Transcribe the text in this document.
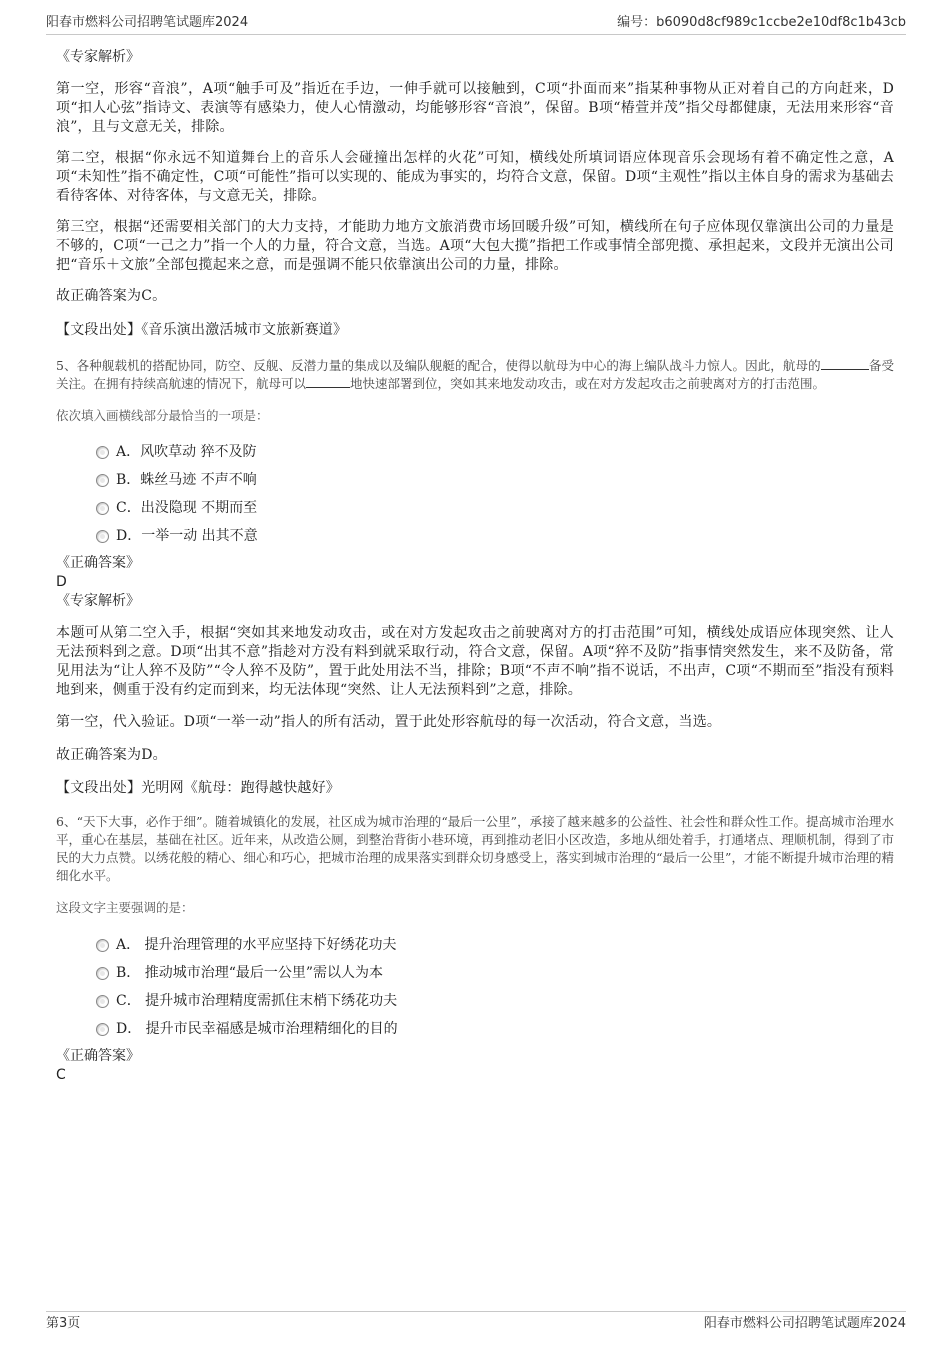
阳春市燃料公司招聘笔试题库2024	编号：b6090d8cf989c1ccbe2e10df8c1b43cb

《专家解析》

第一空，形容“音浪”，A项“触手可及”指近在手边，一伸手就可以接触到，C项“扑面而来”指某种事物从正对着自己的方向赶来，D项“扣人心弦”指诗文、表演等有感染力，使人心情激动，均能够形容“音浪”，保留。B项“椿萱并茂”指父母都健康，无法用来形容“音浪”，且与文意无关，排除。

第二空，根据“你永远不知道舞台上的音乐人会碰撞出怎样的火花”可知，横线处所填词语应体现音乐会现场有着不确定性之意，A项“未知性”指不确定性，C项“可能性”指可以实现的、能成为事实的，均符合文意，保留。D项“主观性”指以主体自身的需求为基础去看待客体、对待客体，与文意无关，排除。

第三空，根据“还需要相关部门的大力支持，才能助力地方文旅消费市场回暖升级”可知，横线所在句子应体现仅靠演出公司的力量是不够的，C项“一己之力”指一个人的力量，符合文意，当选。A项“大包大揽”指把工作或事情全部兜揽、承担起来，文段并无演出公司把“音乐＋文旅”全部包揽起来之意，而是强调不能只依靠演出公司的力量，排除。

故正确答案为C。

【文段出处】《音乐演出激活城市文旅新赛道》

5、各种舰载机的搭配协同，防空、反舰、反潜力量的集成以及编队舰艇的配合，使得以航母为中心的海上编队战斗力惊人。因此，航母的	备受关注。在拥有持续高航速的情况下，航母可以	地快速部署到位，突如其来地发动攻击，或在对方发起攻击之前驶离对方的打击范围。

依次填入画横线部分最恰当的一项是：

A．风吹草动 猝不及防
B．蛛丝马迹 不声不响
C．出没隐现 不期而至
D．一举一动 出其不意

《正确答案》

D

《专家解析》

本题可从第二空入手，根据“突如其来地发动攻击，或在对方发起攻击之前驶离对方的打击范围”可知，横线处成语应体现突然、让人无法预料到之意。D项“出其不意”指趁对方没有料到就采取行动，符合文意，保留。A项“猝不及防”指事情突然发生，来不及防备，常见用法为“让人猝不及防”“令人猝不及防”，置于此处用法不当，排除；B项“不声不响”指不说话，不出声，C项“不期而至”指没有预料地到来，侧重于没有约定而到来，均无法体现“突然、让人无法预料到”之意，排除。

第一空，代入验证。D项“一举一动”指人的所有活动，置于此处形容航母的每一次活动，符合文意，当选。

故正确答案为D。

【文段出处】光明网《航母：跑得越快越好》

6、“天下大事，必作于细”。随着城镇化的发展，社区成为城市治理的“最后一公里”，承接了越来越多的公益性、社会性和群众性工作。提高城市治理水平，重心在基层，基础在社区。近年来，从改造公厕，到整治背街小巷环境，再到推动老旧小区改造，多地从细处着手，打通堵点、理顺机制，得到了市民的大力点赞。以绣花般的精心、细心和巧心，把城市治理的成果落实到群众切身感受上，落实到城市治理的“最后一公里”，才能不断提升城市治理的精细化水平。

这段文字主要强调的是：

A． 提升治理管理的水平应坚持下好绣花功夫
B． 推动城市治理“最后一公里”需以人为本
C． 提升城市治理精度需抓住末梢下绣花功夫
D． 提升市民幸福感是城市治理精细化的目的

《正确答案》

C

第3页	阳春市燃料公司招聘笔试题库2024
